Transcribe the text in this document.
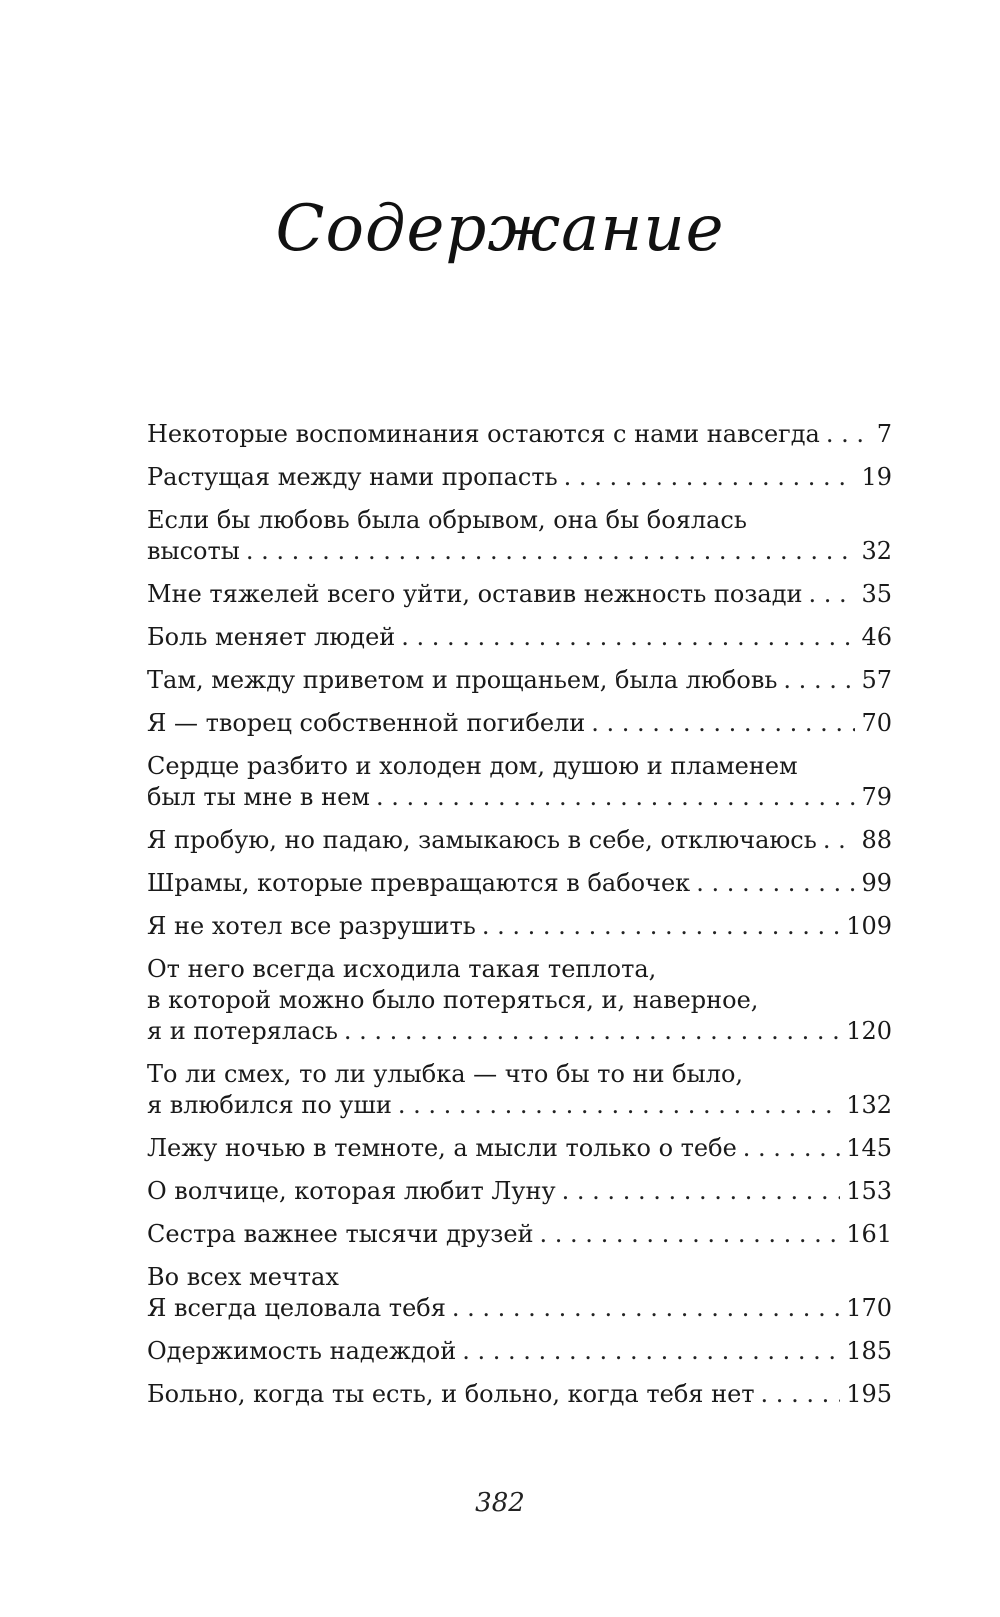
Содержание
Некоторые воспоминания остаются с нами навсегда . . . 7
Растущая между нами пропасть . . .	19
Если бы любовь была обрывом, она бы боялась
высоты . . .	32
Мне тяжелей всего уйти, оставив нежность позади . . . 35
Боль меняет людей . . .	46
Там, между приветом и прощаньем, была любовь . . .	57
Я — творец собственной погибели . . .	70
Сердце разбито и холоден дом, душою и пламенем
был ты мне в нем . . .	79
Я пробую, но падаю, замыкаюсь в себе, отключаюсь . . . 88
Шрамы, которые превращаются в бабочек . . .	99
Я не хотел все разрушить . . .	109
От него всегда исходила такая теплота,
в которой можно было потеряться, и, наверное,
я и потерялась . . .	120
То ли смех, то ли улыбка — что бы то ни было,
я влюбился по уши . . .	132
Лежу ночью в темноте, а мысли только о тебе . . .	145
О волчице, которая любит Луну . . .	153
Сестра важнее тысячи друзей . . .	161
Во всех мечтах
Я всегда целовала тебя . . .	170
Одержимость надеждой . . .	185
Больно, когда ты есть, и больно, когда тебя нет . . .	195
382
